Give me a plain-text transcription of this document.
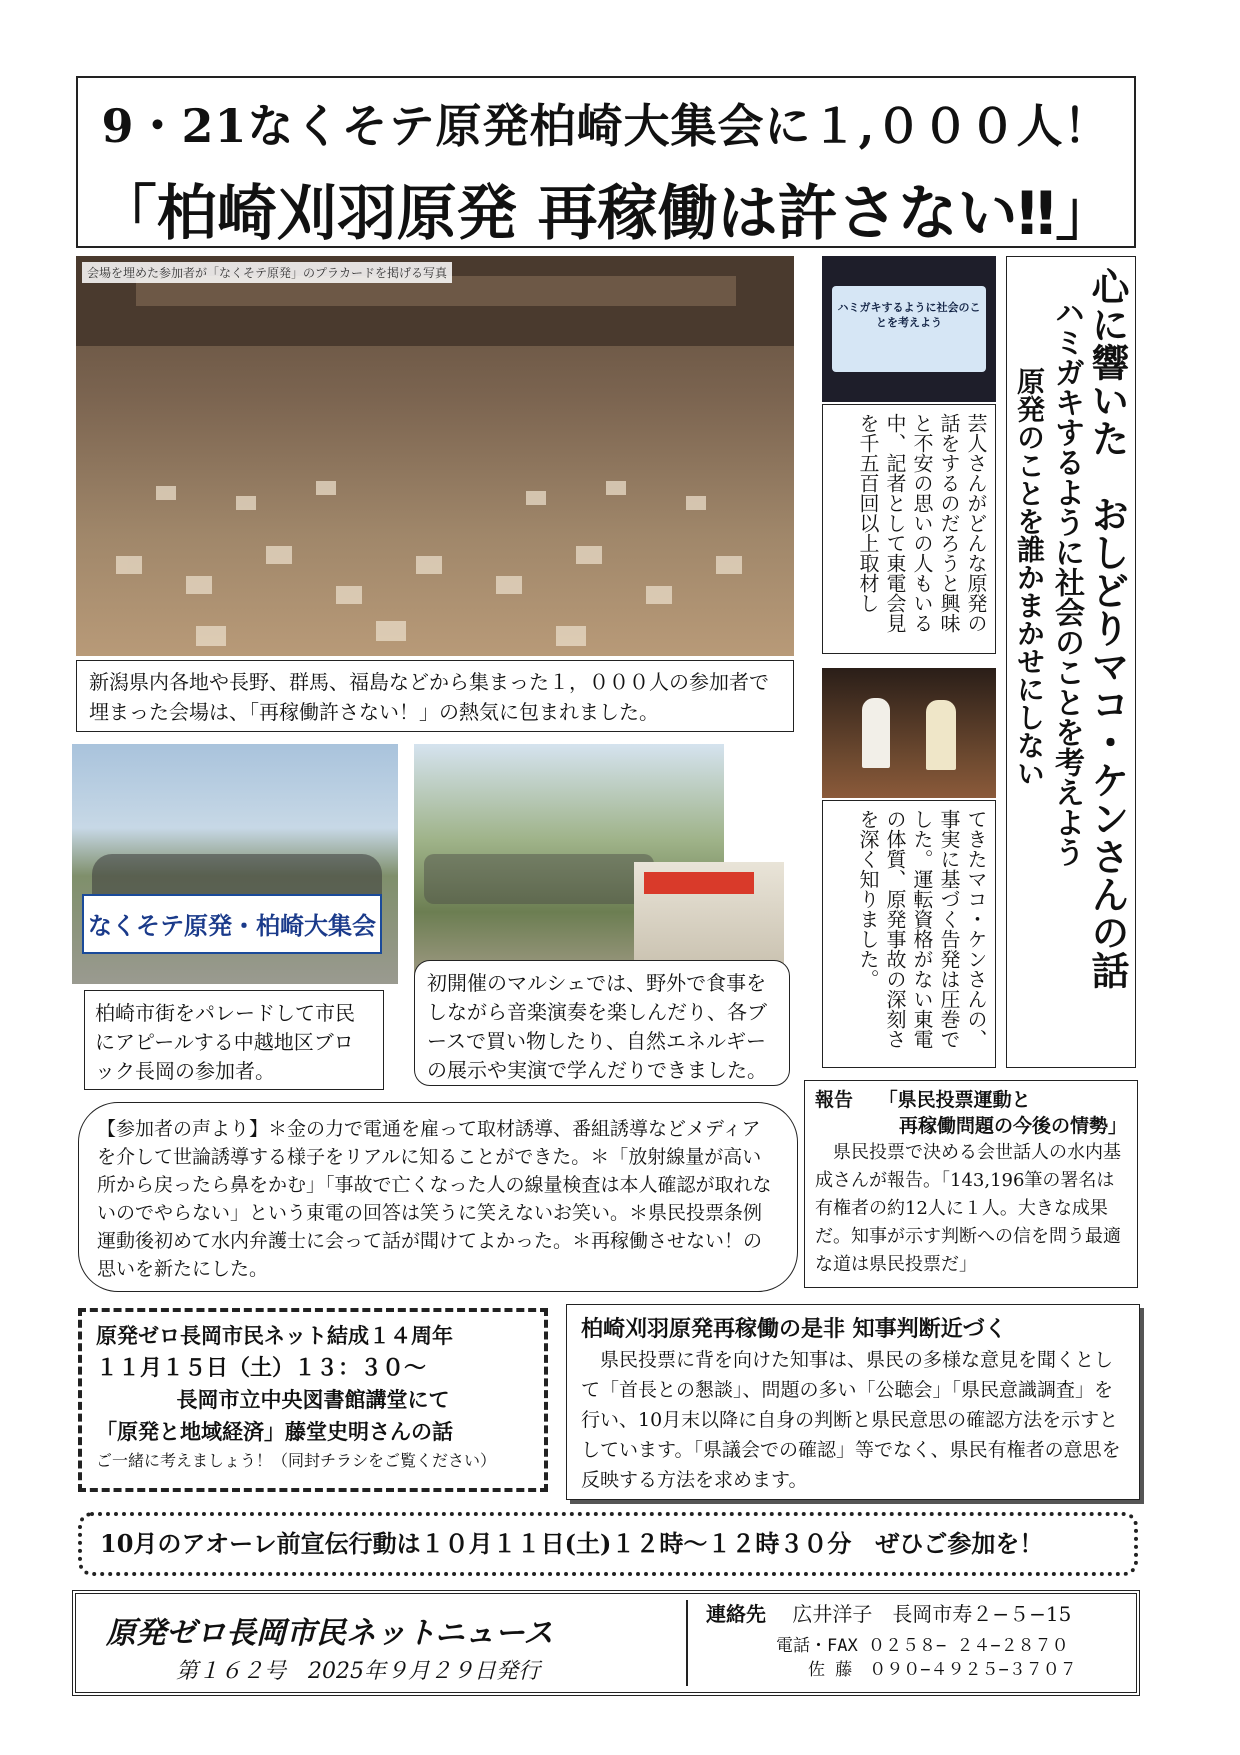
9・21なくそテ原発柏崎大集会に１,０００人！
「柏崎刈羽原発 再稼働は許さない‼」
会場を埋めた参加者が「なくそテ原発」のプラカードを掲げる写真

新潟県内各地や長野、群馬、福島などから集まった１，０００人の参加者で埋まった会場は、「再稼働許さない！」の熱気に包まれました。

ハミガキするように社会のことを考えよう

芸人さんがどんな原発の話をするのだろうと興味と不安の思いの人もいる中、記者として東電会見を千五百回以上取材し

てきたマコ・ケンさんの、事実に基づく告発は圧巻でした。運転資格がない東電の体質、原発事故の深刻さを深く知りました。	心に響いた　おしどりマコ・ケンさんの話
ハミガキするように社会のことを考えよう
原発のことを誰かまかせにしない
なくそテ原発・柏崎大集会

柏崎市街をパレードして市民にアピールする中越地区ブロック長岡の参加者。

初開催のマルシェでは、野外で食事をしながら音楽演奏を楽しんだり、各ブースで買い物したり、自然エネルギーの展示や実演で学んだりできました。

報告　 「県民投票運動と
再稼働問題の今後の情勢」

県民投票で決める会世話人の水内基成さんが報告。「143,196筆の署名は有権者の約12人に１人。大きな成果だ。知事が示す判断への信を問う最適な道は県民投票だ」

【参加者の声より】＊金の力で電通を雇って取材誘導、番組誘導などメディアを介して世論誘導する様子をリアルに知ることができた。＊「放射線量が高い所から戻ったら鼻をかむ」「事故で亡くなった人の線量検査は本人確認が取れないのでやらない」という東電の回答は笑うに笑えないお笑い。＊県民投票条例運動後初めて水内弁護士に会って話が聞けてよかった。＊再稼働させない！の思いを新たにした。

原発ゼロ長岡市民ネット結成１４周年
１１月１５日（土）１３：３０～
長岡市立中央図書館講堂にて
「原発と地域経済」藤堂史明さんの話
ご一緒に考えましょう！（同封チラシをご覧ください）
柏崎刈羽原発再稼働の是非 知事判断近づく

県民投票に背を向けた知事は、県民の多様な意見を聞くとして「首長との懇談」、問題の多い「公聴会」「県民意識調査」を行い、10月末以降に自身の判断と県民意思の確認方法を示すとしています。「県議会での確認」等でなく、県民有権者の意思を反映する方法を求めます。

10月のアオーレ前宣伝行動は１０月１１日(土)１２時～１２時３０分　ぜひご参加を！
原発ゼロ長岡市民ネットニュース
第１６２号　2025年９月２９日発行
連絡先　 広井洋子　長岡市寿２−５−15
電話・FAX ０２５８− ２４−２８７０
佐 藤　０９０−４９２５−３７０７
